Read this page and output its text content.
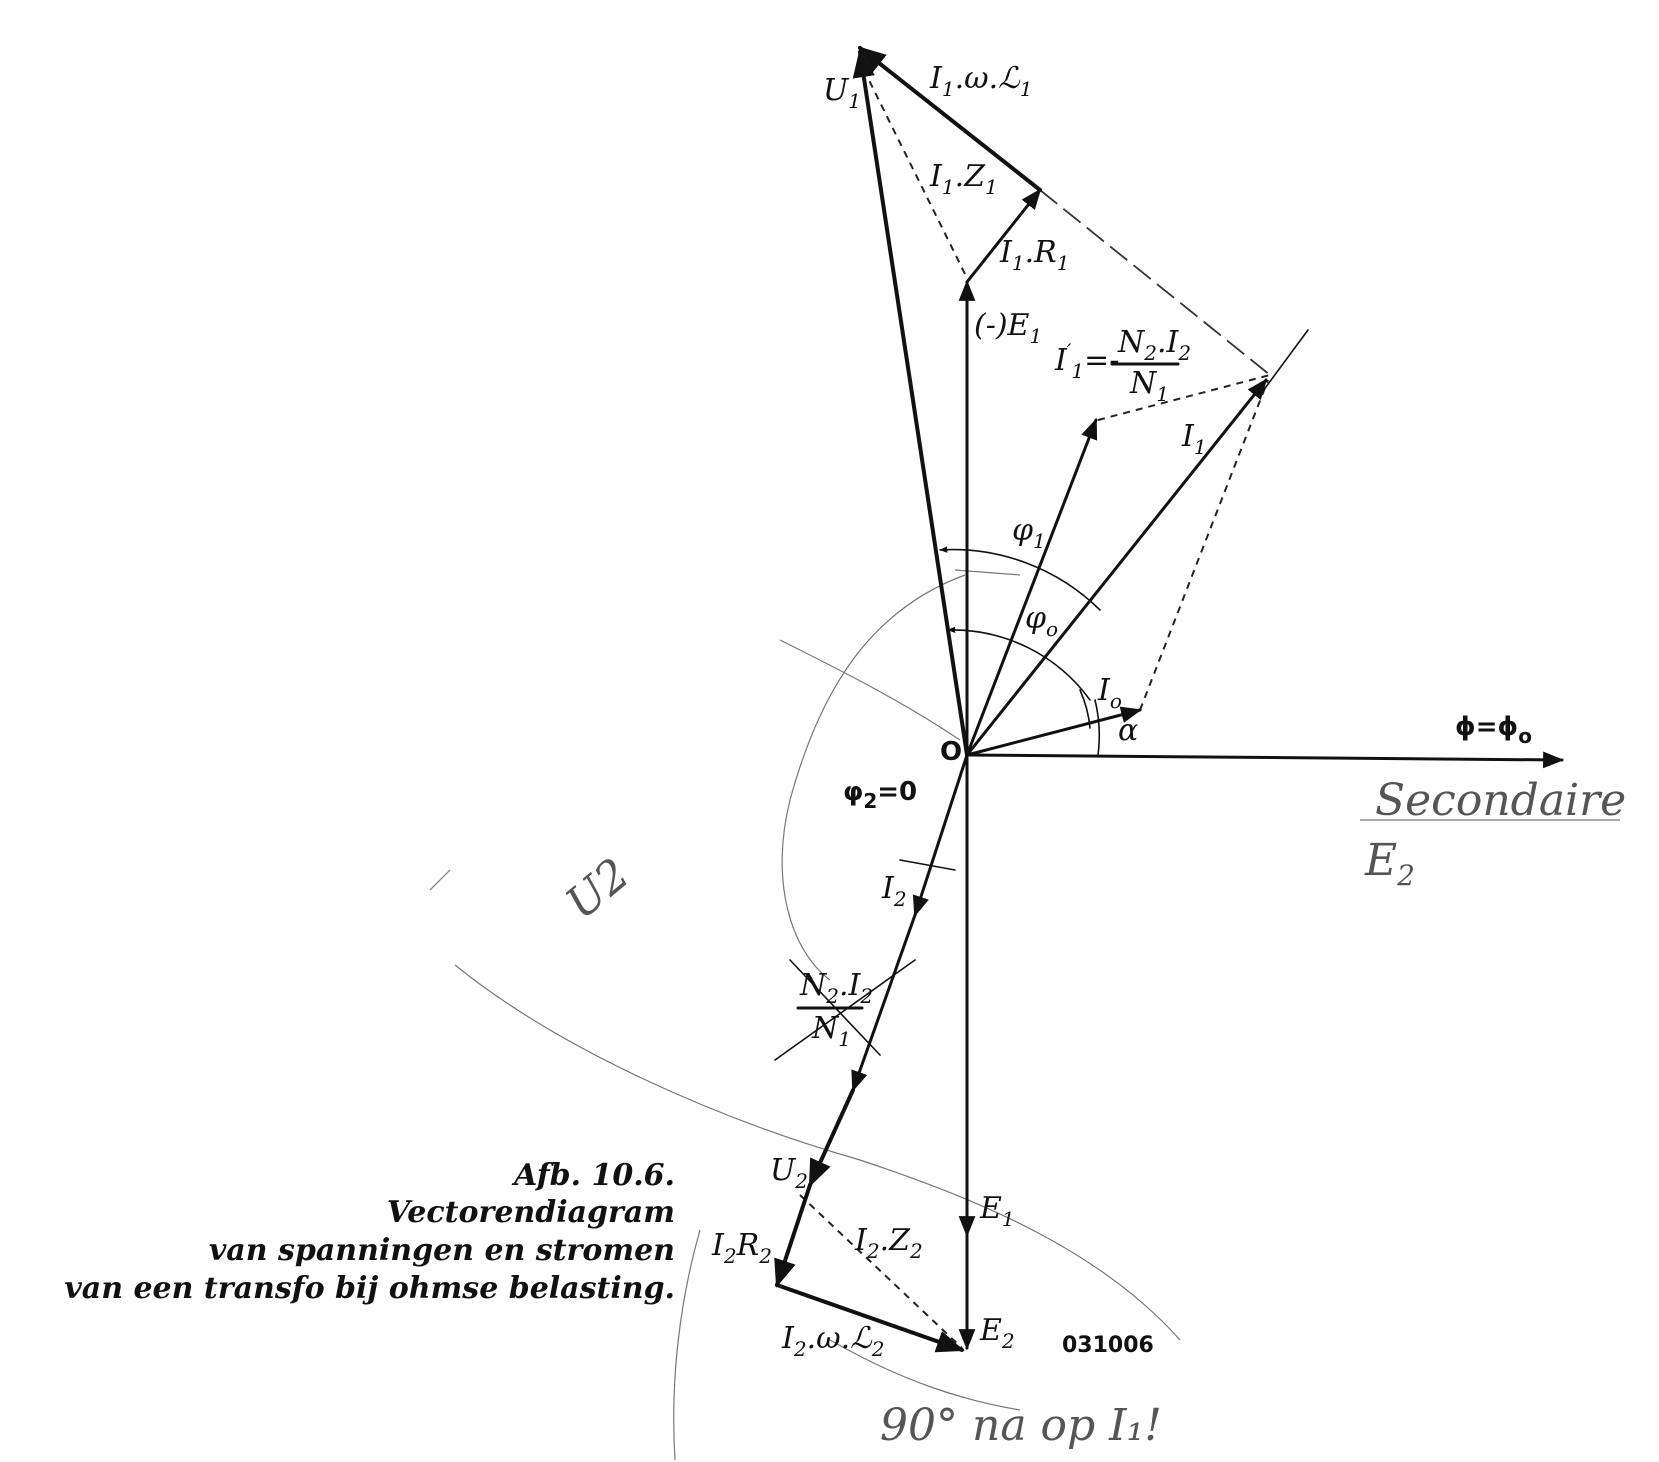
$U_1$
$I_1.\omega.ℒ_1$
$I_1.Z_1$
$I_1.R_1$
$(-)E_1$
$I'_1=-$
$N_2.I_2$
$N_1$
$I_1$
$\varphi_1$
$\varphi_o$
$I_o$
α
O
$\phi=\phi_o$
$\varphi_2=0$
$I_2$
$N_2.I_2$
$N_1$
$U_2$
$I_2R_2$	$I_2.Z_2$
$E_1$
$E_2$
$I_2.\omega.ℒ_2$	031006
Afb. 10.6.
Vectorendiagram
van spanningen en stromen
van een transfo bij ohmse belasting.
Secondaire
$E_2$
U2
90° na op I₁!
